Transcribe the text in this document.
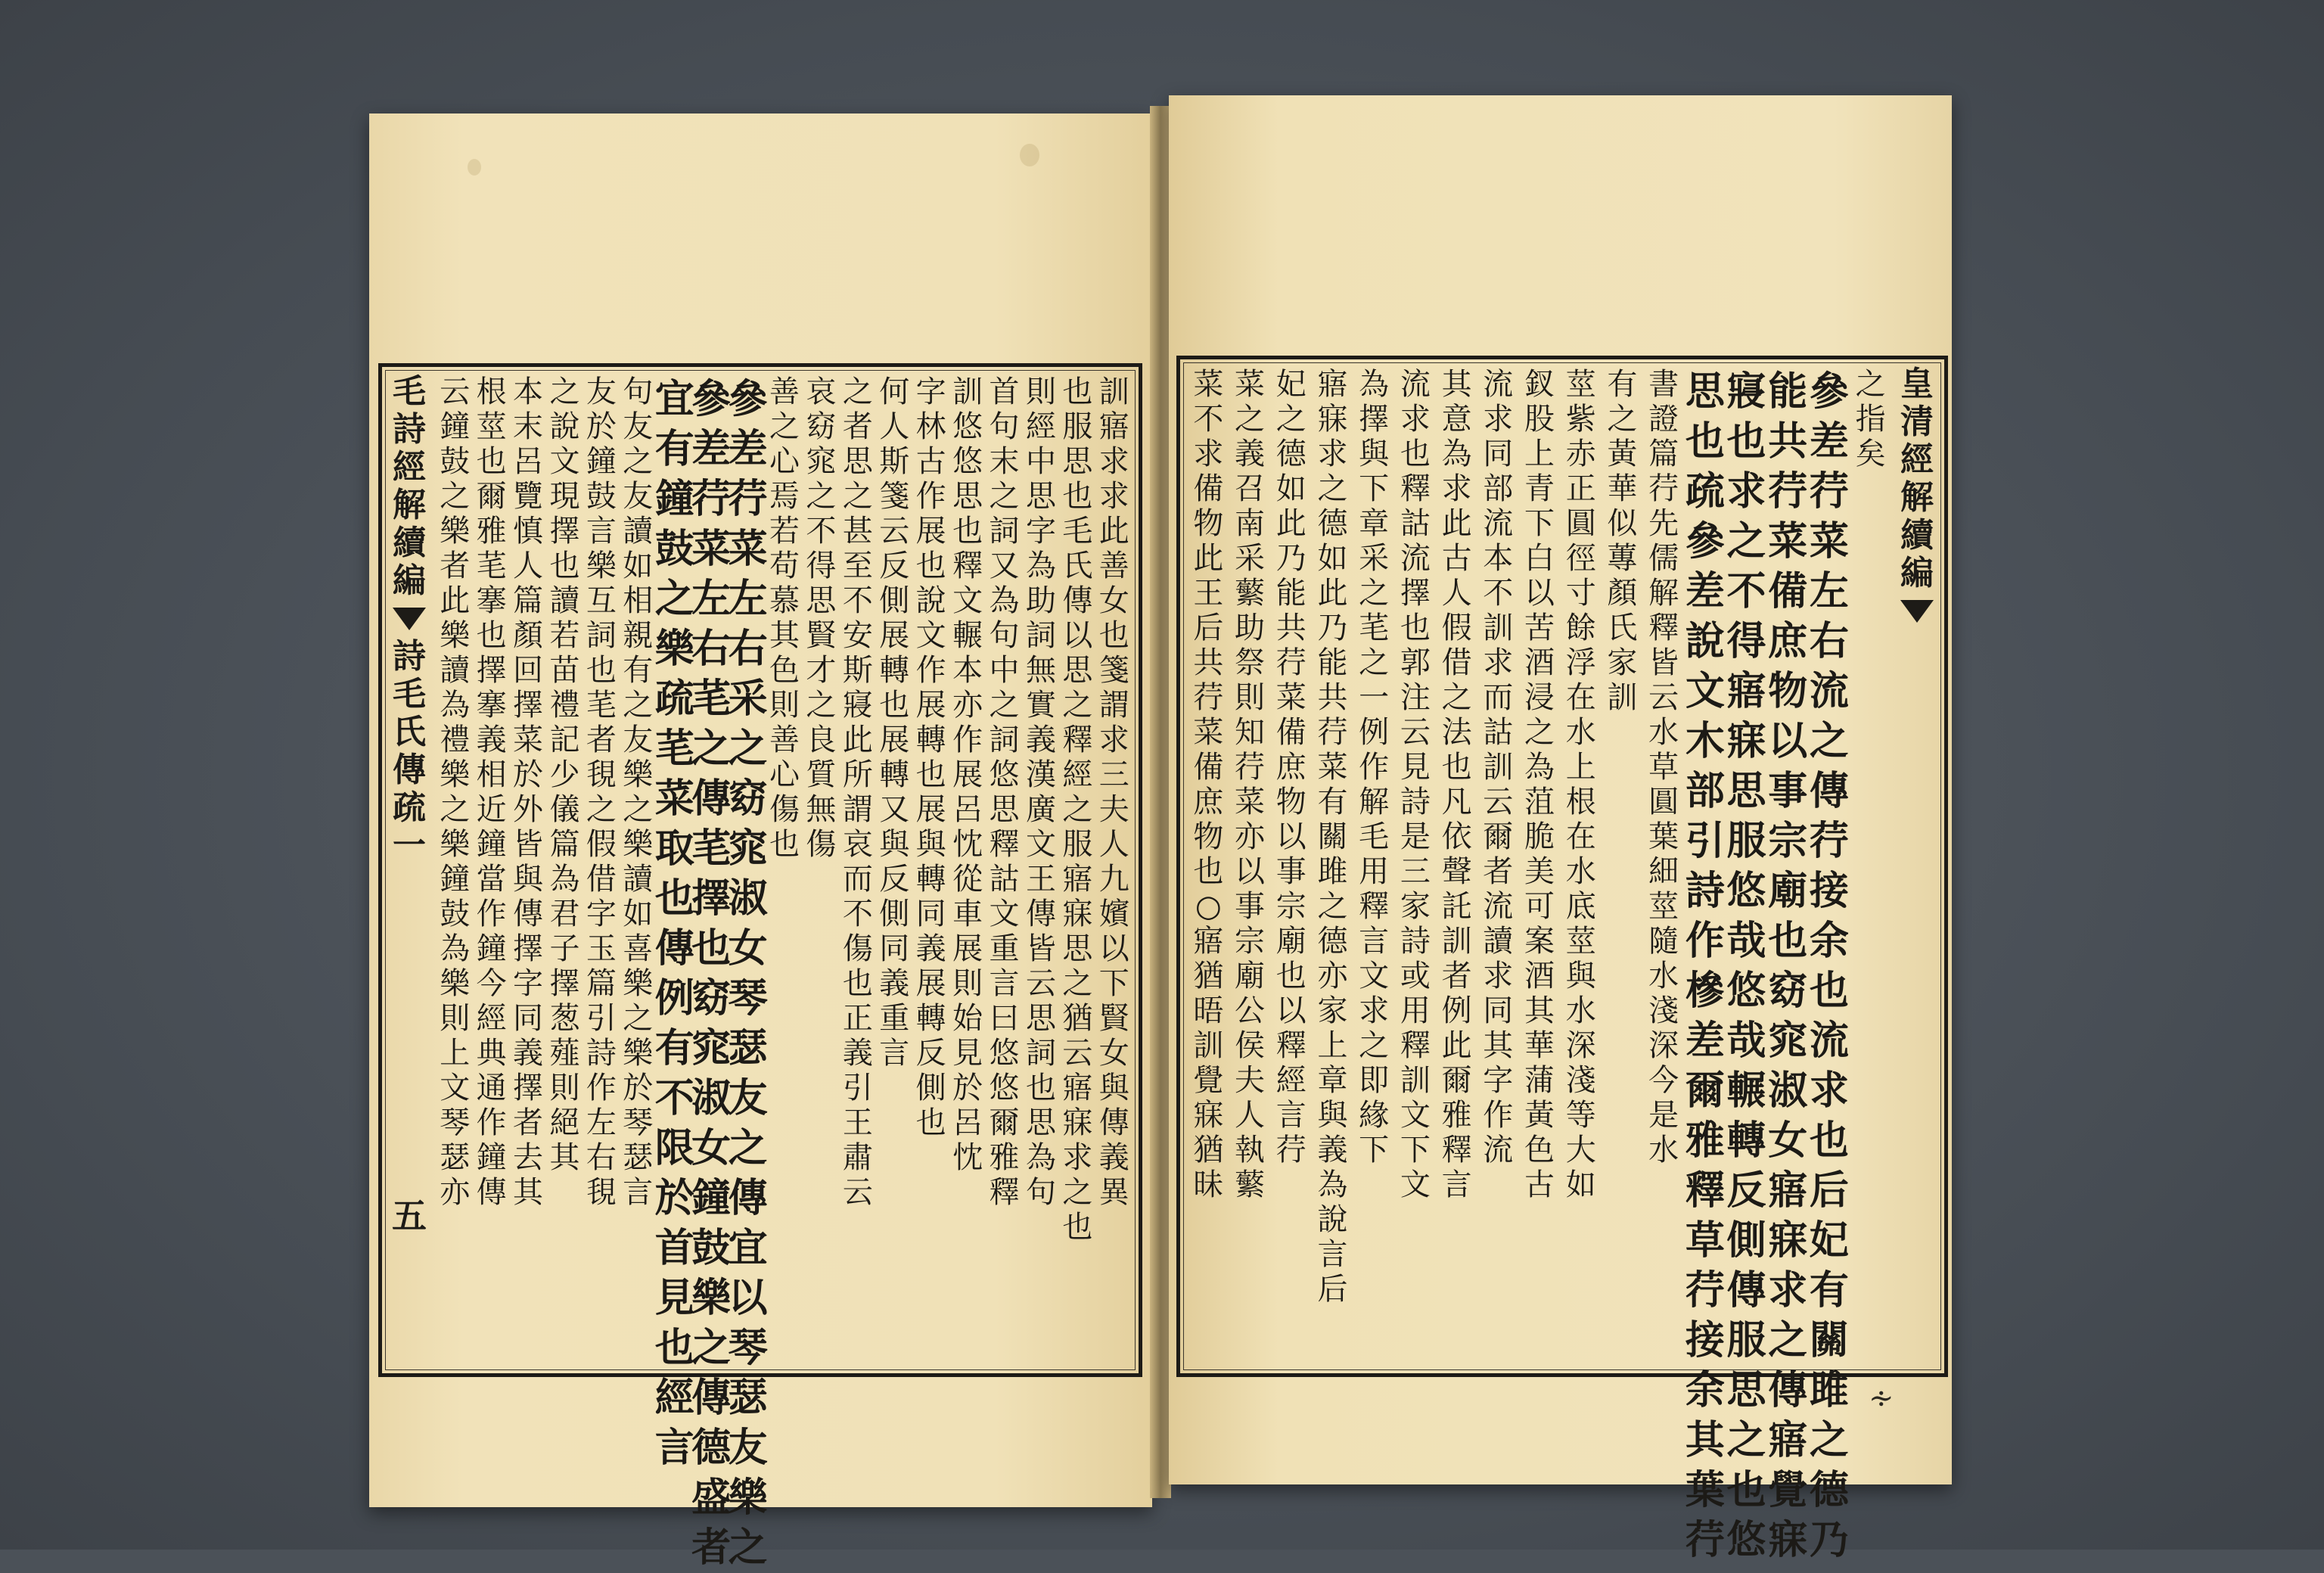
訓
寤
求
求
此
善
女
也
箋
謂
求
三
夫
人
九
嬪
以
下
賢
女
與
傳
義
異
也
服
思
也
毛
氏
傳
以
思
之
釋
經
之
服
寤
寐
思
之
猶
云
寤
寐
求
之
也
則
經
中
思
字
為
助
詞
無
實
義
漢
廣
文
王
傳
皆
云
思
詞
也
思
為
句
首
句
末
之
詞
又
為
句
中
之
詞
悠
思
釋
詁
文
重
言
曰
悠
悠
爾
雅
釋
訓
悠
悠
思
也
釋
文
輾
本
亦
作
展
呂
忱
從
車
展
則
始
見
於
呂
忱
字
林
古
作
展
也
說
文
作
展
轉
也
展
與
轉
同
義
展
轉
反
側
也
何
人
斯
箋
云
反
側
展
轉
也
展
轉
又
與
反
側
同
義
重
言
之
者
思
之
甚
至
不
安
斯
寢
此
所
謂
哀
而
不
傷
也
正
義
引
王
肅
云
哀
窈
窕
之
不
得
思
賢
才
之
良
質
無
傷
善
之
心
焉
若
苟
慕
其
色
則
善
心
傷
也
參
差
荇
菜
左
右
采
之
窈
窕
淑
女
琴
瑟
友
之
傳
宜
以
琴
瑟
友
樂
之
參
差
荇
菜
左
右
芼
之
傳
芼
擇
也
窈
窕
淑
女
鐘
鼓
樂
之
傳
德
盛
者
宜
有
鐘
鼓
之
樂
疏
芼
菜
取
也
傳
例
有
不
限
於
首
見
也
經
言
句
友
之
友
讀
如
相
親
有
之
友
樂
之
樂
讀
如
喜
樂
之
樂
於
琴
瑟
言
友
於
鐘
鼓
言
樂
互
詞
也
芼
者
覒
之
假
借
字
玉
篇
引
詩
作
左
右
覒
之
說
文
現
擇
也
讀
若
苗
禮
記
少
儀
篇
為
君
子
擇
葱
薤
則
絕
其
本
末
呂
覽
慎
人
篇
顏
回
擇
菜
於
外
皆
與
傳
擇
字
同
義
擇
者
去
其
根
莖
也
爾
雅
芼
搴
也
擇
搴
義
相
近
鐘
當
作
鐘
今
經
典
通
作
鐘
傳
云
鐘
鼓
之
樂
者
此
樂
讀
為
禮
樂
之
樂
鐘
鼓
為
樂
則
上
文
琴
瑟
亦
毛
詩
經
解
續
編
詩
毛
氏
傳
疏
一
五
之
指
矣
參
差
荇
菜
左
右
流
之
傳
荇
接
余
也
流
求
也
后
妃
有
關
雎
之
德
乃
能
共
荇
菜
備
庶
物
以
事
宗
廟
也
窈
窕
淑
女
寤
寐
求
之
傳
寤
覺
寐
寢
也
求
之
不
得
寤
寐
思
服
悠
哉
悠
哉
輾
轉
反
側
傳
服
思
之
也
悠
思
也
疏
參
差
說
文
木
部
引
詩
作
槮
差
爾
雅
釋
草
荇
接
余
其
葉
荇
書
證
篇
荇
先
儒
解
釋
皆
云
水
草
圓
葉
細
莖
隨
水
淺
深
今
是
水
有
之
黃
華
似
蓴
顏
氏
家
訓
莖
紫
赤
正
圓
徑
寸
餘
浮
在
水
上
根
在
水
底
莖
與
水
深
淺
等
大
如
釵
股
上
青
下
白
以
苦
酒
浸
之
為
菹
脆
美
可
案
酒
其
華
蒲
黃
色
古
流
求
同
部
流
本
不
訓
求
而
詁
訓
云
爾
者
流
讀
求
同
其
字
作
流
其
意
為
求
此
古
人
假
借
之
法
也
凡
依
聲
託
訓
者
例
此
爾
雅
釋
言
流
求
也
釋
詁
流
擇
也
郭
注
云
見
詩
是
三
家
詩
或
用
釋
訓
文
下
文
為
擇
與
下
章
采
之
芼
之
一
例
作
解
毛
用
釋
言
文
求
之
即
緣
下
寤
寐
求
之
德
如
此
乃
能
共
荇
菜
有
關
雎
之
德
亦
家
上
章
與
義
為
說
言
后
妃
之
德
如
此
乃
能
共
荇
菜
備
庶
物
以
事
宗
廟
也
以
釋
經
言
荇
菜
之
義
召
南
采
蘩
助
祭
則
知
荇
菜
亦
以
事
宗
廟
公
侯
夫
人
執
蘩
菜
不
求
備
物
此
王
后
共
荇
菜
備
庶
物
也
○
寤
猶
晤
訓
覺
寐
猶
昧
皇
清
經
解
續
編
∻
